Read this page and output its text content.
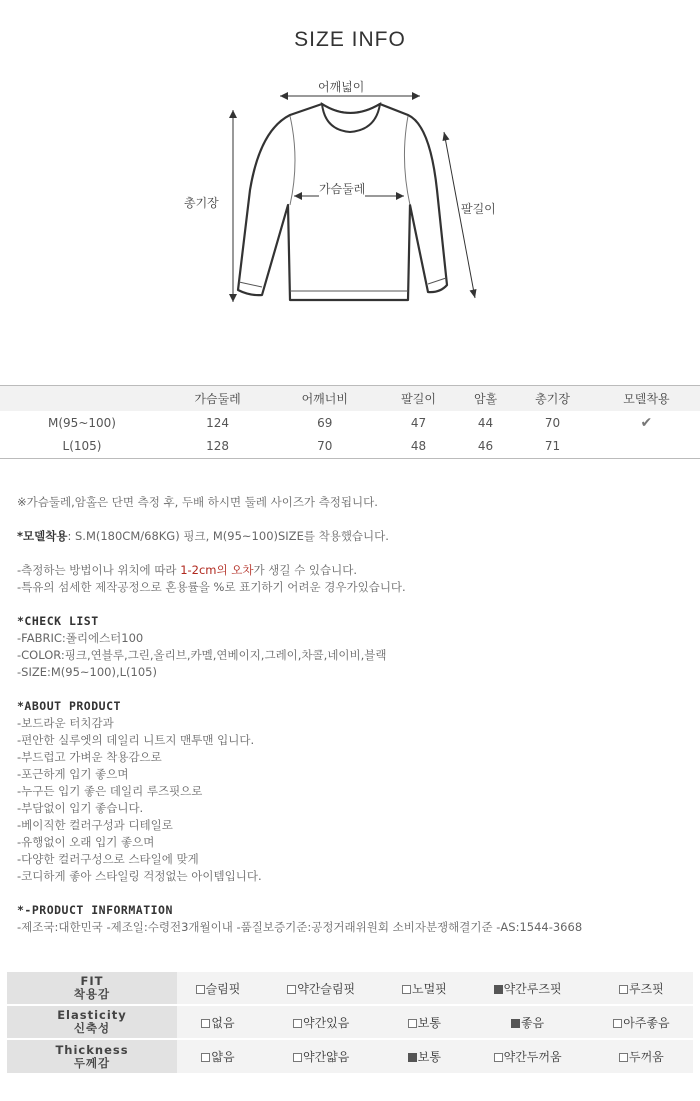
SIZE INFO
어깨넓이
가슴둘레
총기장	팔길이
	가슴둘레	어깨너비	팔길이	암홀	총기장	모델착용
M(95~100)	124	69	47	44	70	✔
L(105)	128	70	48	46	71	

※가슴둘레,암홀은 단면 측정 후, 두배 하시면 둘레 사이즈가 측정됩니다.

*모델착용: S.M(180CM/68KG) 핑크, M(95~100)SIZE를 착용했습니다.

-측정하는 방법이나 위치에 따라 1-2cm의 오차가 생길 수 있습니다.

-특유의 섬세한 제작공정으로 혼용률을 %로 표기하기 어려운 경우가있습니다.

*CHECK LIST

-FABRIC:폴리에스터100

-COLOR:핑크,연블루,그린,올리브,카멜,연베이지,그레이,차콜,네이비,블랙

-SIZE:M(95~100),L(105)

*ABOUT PRODUCT

-보드라운 터치감과

-편안한 실루엣의 데일리 니트지 맨투맨 입니다.

-부드럽고 가벼운 착용감으로

-포근하게 입기 좋으며

-누구든 입기 좋은 데일리 루즈핏으로

-부담없이 입기 좋습니다.

-베이직한 컬러구성과 디테일로

-유행없이 오래 입기 좋으며

-다양한 컬러구성으로 스타일에 맞게

-코디하게 좋아 스타일링 걱정없는 아이템입니다.

*-PRODUCT INFORMATION

-제조국:대한민국 -제조일:수령전3개월이내 -품질보증기준:공정거래위원회 소비자분쟁해결기준 -AS:1544-3668

FIT
착용감	슬림핏	약간슬림핏	노멀핏	약간루즈핏	루즈핏

Elasticity
신축성	없음	약간있음	보통	좋음	아주좋음

Thickness
두께감	얇음	약간얇음	보통	약간두꺼움	두꺼움
